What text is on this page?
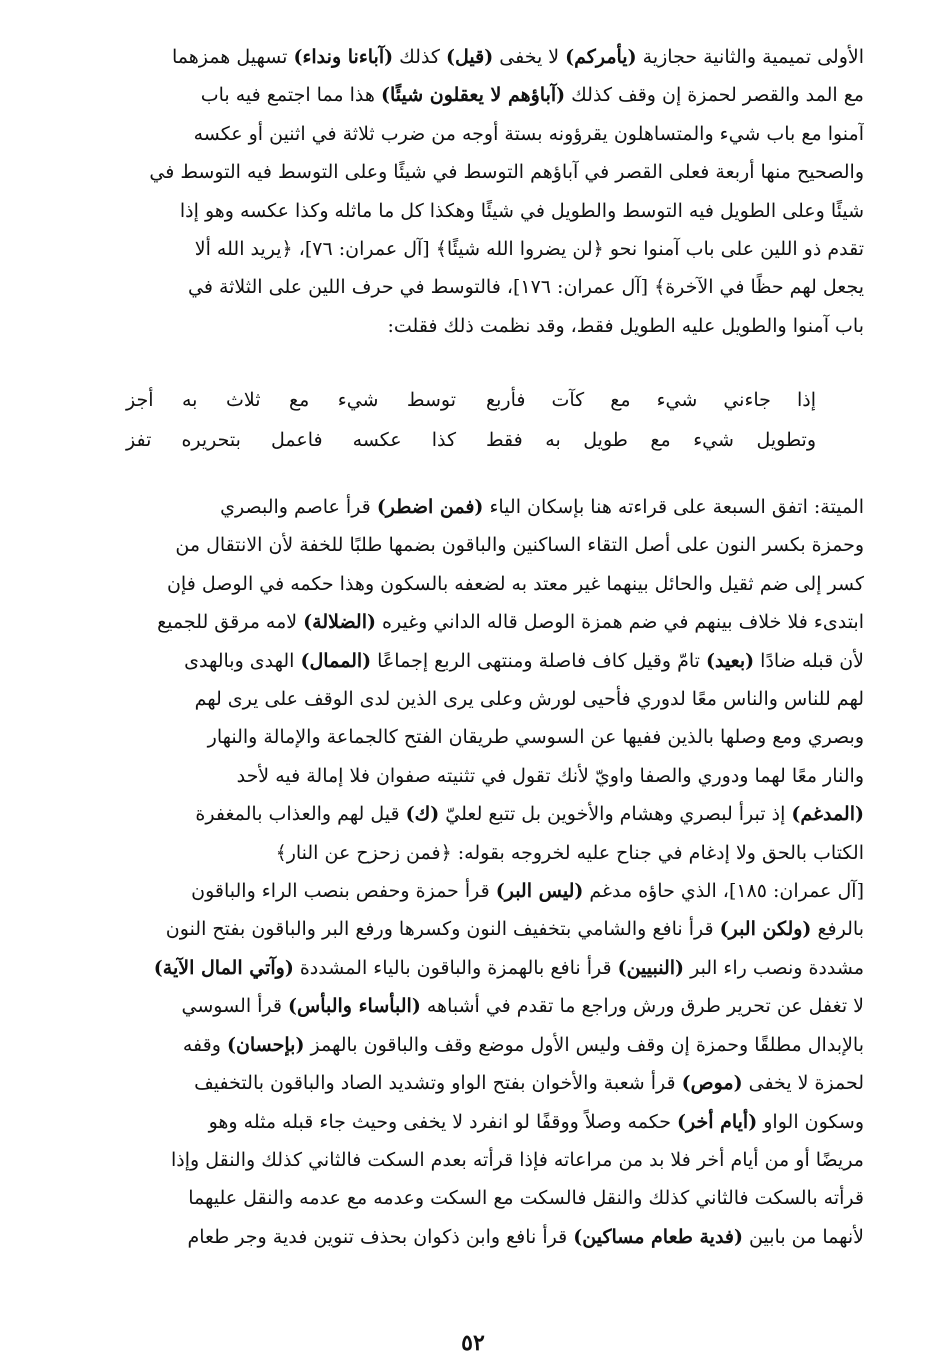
الأولى تميمية والثانية حجازية (يأمركم) لا يخفى (قيل) كذلك (آباءنا ونداء) تسهيل همزهما
مع المد والقصر لحمزة إن وقف كذلك (آباؤهم لا يعقلون شيئًا) هذا مما اجتمع فيه باب
آمنوا مع باب شيء والمتساهلون يقرؤونه بستة أوجه من ضرب ثلاثة في اثنين أو عكسه
والصحيح منها أربعة فعلى القصر في آباؤهم التوسط في شيئًا وعلى التوسط فيه التوسط في
شيئًا وعلى الطويل فيه التوسط والطويل في شيئًا وهكذا كل ما ماثله وكذا عكسه وهو إذا
تقدم ذو اللين على باب آمنوا نحو ﴿لن يضروا الله شيئًا﴾ [آل عمران: ٧٦]، ﴿يريد الله ألا
يجعل لهم حظًا في الآخرة﴾ [آل عمران: ١٧٦]، فالتوسط في حرف اللين على الثلاثة في
باب آمنوا والطويل عليه الطويل فقط، وقد نظمت ذلك فقلت:
إذا جاءني شيء مع كآت فأربع
توسط شيء مع ثلاث به أجز
وتطويل شيء مع طويل به فقط
كذا عكسه فاعمل بتحريره تفز
الميتة: اتفق السبعة على قراءته هنا بإسكان الياء (فمن اضطر) قرأ عاصم والبصري
وحمزة بكسر النون على أصل التقاء الساكنين والباقون بضمها طلبًا للخفة لأن الانتقال من
كسر إلى ضم ثقيل والحائل بينهما غير معتد به لضعفه بالسكون وهذا حكمه في الوصل فإن
ابتدىء فلا خلاف بينهم في ضم همزة الوصل قاله الداني وغيره (الضلالة) لامه مرقق للجميع
لأن قبله ضادًا (بعيد) تامّ وقيل كاف فاصلة ومنتهى الربع إجماعًا (الممال) الهدى وبالهدى
لهم للناس والناس معًا لدوري فأحيى لورش وعلى يرى الذين لدى الوقف على يرى لهم
وبصري ومع وصلها بالذين ففيها عن السوسي طريقان الفتح كالجماعة والإمالة والنهار
والنار معًا لهما ودوري والصفا واويّ لأنك تقول في تثنيته صفوان فلا إمالة فيه لأحد
(المدغم) إذ تبرأ لبصري وهشام والأخوين بل تتبع لعليّ (ك) قيل لهم والعذاب بالمغفرة
الكتاب بالحق ولا إدغام في جناح عليه لخروجه بقوله: ﴿فمن زحزح عن النار﴾
[آل عمران: ١٨٥]، الذي حاؤه مدغم (ليس البر) قرأ حمزة وحفص بنصب الراء والباقون
بالرفع (ولكن البر) قرأ نافع والشامي بتخفيف النون وكسرها ورفع البر والباقون بفتح النون
مشددة ونصب راء البر (النبيين) قرأ نافع بالهمزة والباقون بالياء المشددة (وآتي المال الآية)
لا تغفل عن تحرير طرق ورش وراجع ما تقدم في أشباهه (البأساء والبأس) قرأ السوسي
بالإبدال مطلقًا وحمزة إن وقف وليس الأول موضع وقف والباقون بالهمز (بإحسان) وقفه
لحمزة لا يخفى (موص) قرأ شعبة والأخوان بفتح الواو وتشديد الصاد والباقون بالتخفيف
وسكون الواو (أيام أخر) حكمه وصلاً ووقفًا لو انفرد لا يخفى وحيث جاء قبله مثله وهو
مريضًا أو من أيام أخر فلا بد من مراعاته فإذا قرأته بعدم السكت فالثاني كذلك والنقل وإذا
قرأته بالسكت فالثاني كذلك والنقل فالسكت مع السكت وعدمه مع عدمه والنقل عليهما
لأنهما من بابين (فدية طعام مساكين) قرأ نافع وابن ذكوان بحذف تنوين فدية وجر طعام
٥٢
